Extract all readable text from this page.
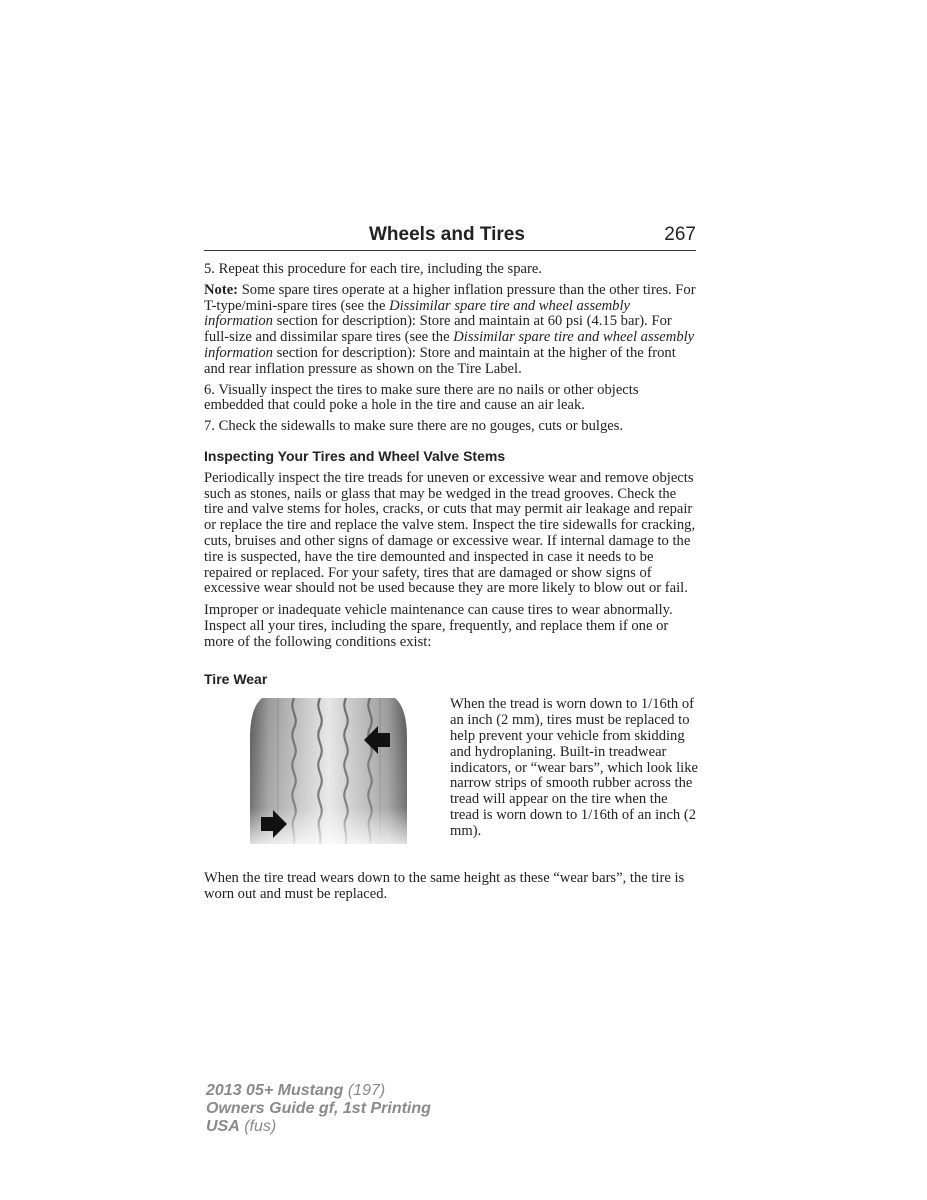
Wheels and Tires	267

5. Repeat this procedure for each tire, including the spare.

Note: Some spare tires operate at a higher inflation pressure than the other tires. For T-type/mini-spare tires (see the Dissimilar spare tire and wheel assembly information section for description): Store and maintain at 60 psi (4.15 bar). For full-size and dissimilar spare tires (see the Dissimilar spare tire and wheel assembly information section for description): Store and maintain at the higher of the front and rear inflation pressure as shown on the Tire Label.

6. Visually inspect the tires to make sure there are no nails or other objects embedded that could poke a hole in the tire and cause an air leak.

7. Check the sidewalls to make sure there are no gouges, cuts or bulges.

Inspecting Your Tires and Wheel Valve Stems

Periodically inspect the tire treads for uneven or excessive wear and remove objects such as stones, nails or glass that may be wedged in the tread grooves. Check the tire and valve stems for holes, cracks, or cuts that may permit air leakage and repair or replace the tire and replace the valve stem. Inspect the tire sidewalls for cracking, cuts, bruises and other signs of damage or excessive wear. If internal damage to the tire is suspected, have the tire demounted and inspected in case it needs to be repaired or replaced. For your safety, tires that are damaged or show signs of excessive wear should not be used because they are more likely to blow out or fail.

Improper or inadequate vehicle maintenance can cause tires to wear abnormally. Inspect all your tires, including the spare, frequently, and replace them if one or more of the following conditions exist:

Tire Wear
When the tread is worn down to 1/16th of an inch (2 mm), tires must be replaced to help prevent your vehicle from skidding and hydroplaning. Built-in treadwear indicators, or “wear bars”, which look like narrow strips of smooth rubber across the tread will appear on the tire when the tread is worn down to 1/16th of an inch (2 mm).

When the tire tread wears down to the same height as these “wear bars”, the tire is worn out and must be replaced.

2013 05+ Mustang (197)
Owners Guide gf, 1st Printing
USA (fus)
